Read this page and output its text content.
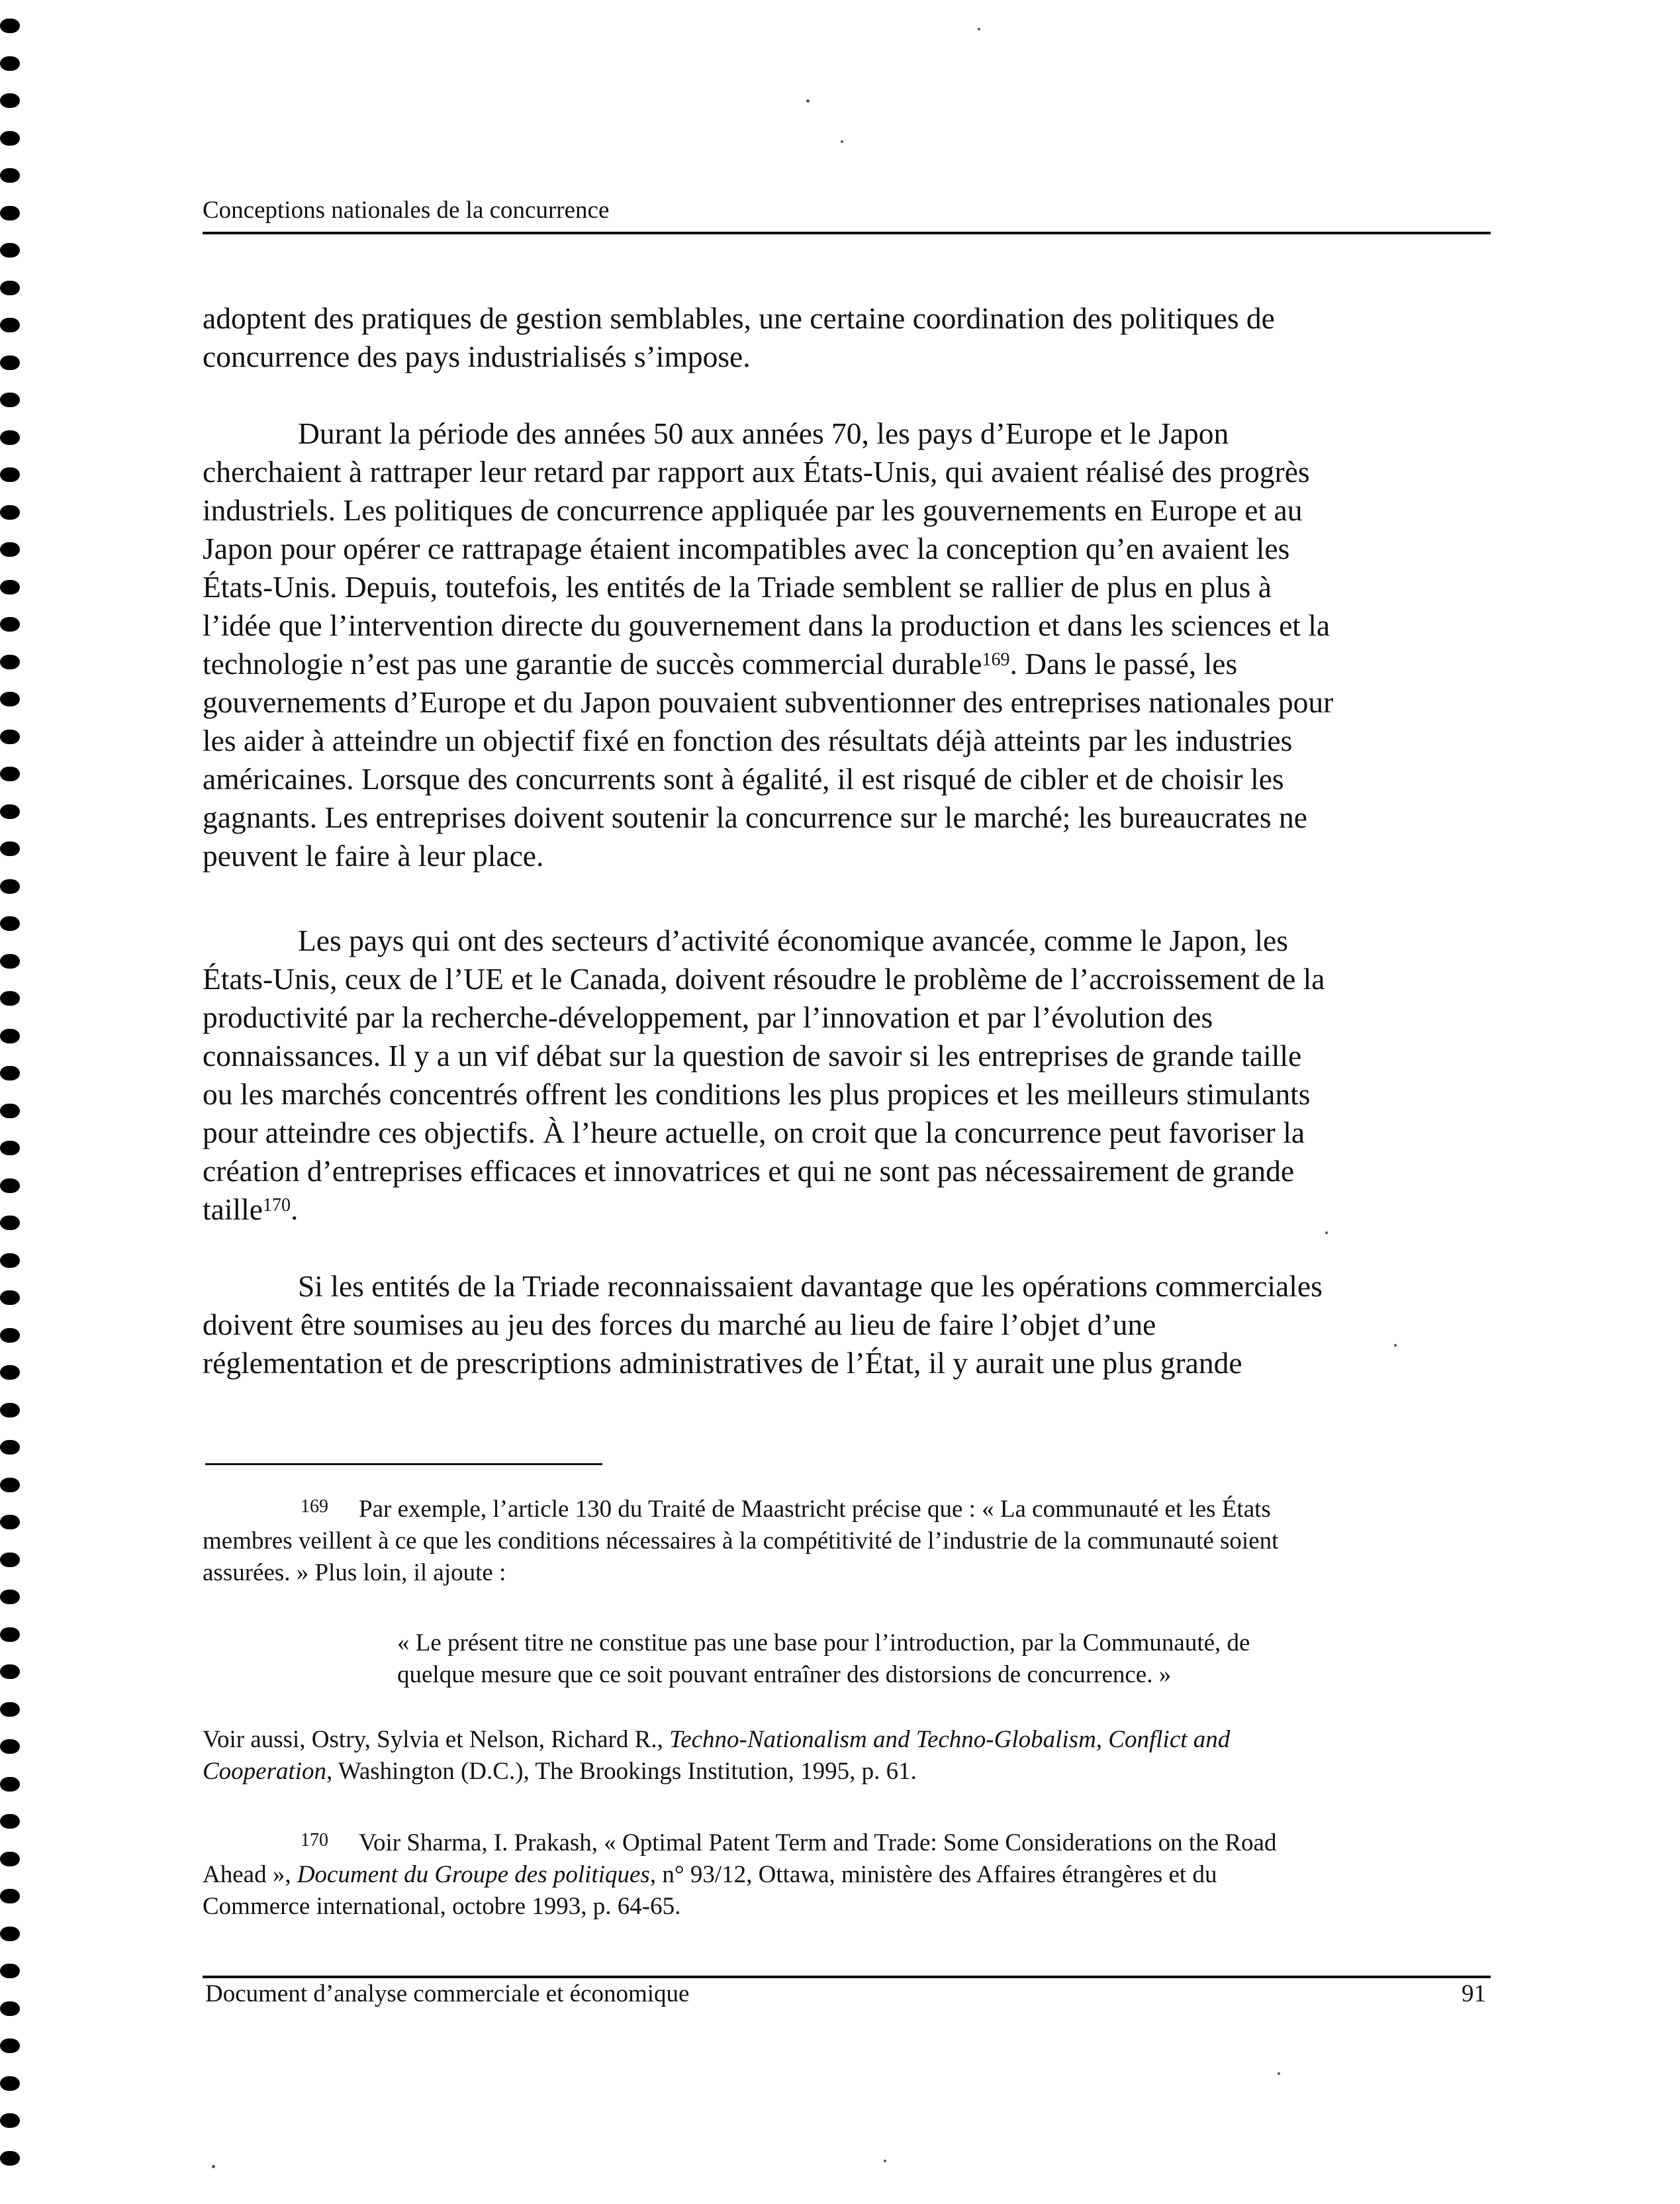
Conceptions nationales de la concurrence
adoptent des pratiques de gestion semblables, une certaine coordination des politiques de
concurrence des pays industrialisés s’impose.
Durant la période des années 50 aux années 70, les pays d’Europe et le Japon
cherchaient à rattraper leur retard par rapport aux États-Unis, qui avaient réalisé des progrès
industriels. Les politiques de concurrence appliquée par les gouvernements en Europe et au
Japon pour opérer ce rattrapage étaient incompatibles avec la conception qu’en avaient les
États-Unis. Depuis, toutefois, les entités de la Triade semblent se rallier de plus en plus à
l’idée que l’intervention directe du gouvernement dans la production et dans les sciences et la
technologie n’est pas une garantie de succès commercial durable$^{169}$. Dans le passé, les
gouvernements d’Europe et du Japon pouvaient subventionner des entreprises nationales pour
les aider à atteindre un objectif fixé en fonction des résultats déjà atteints par les industries
américaines. Lorsque des concurrents sont à égalité, il est risqué de cibler et de choisir les
gagnants. Les entreprises doivent soutenir la concurrence sur le marché; les bureaucrates ne
peuvent le faire à leur place.
Les pays qui ont des secteurs d’activité économique avancée, comme le Japon, les
États-Unis, ceux de l’UE et le Canada, doivent résoudre le problème de l’accroissement de la
productivité par la recherche-développement, par l’innovation et par l’évolution des
connaissances. Il y a un vif débat sur la question de savoir si les entreprises de grande taille
ou les marchés concentrés offrent les conditions les plus propices et les meilleurs stimulants
pour atteindre ces objectifs. À l’heure actuelle, on croit que la concurrence peut favoriser la
création d’entreprises efficaces et innovatrices et qui ne sont pas nécessairement de grande
taille$^{170}$.
Si les entités de la Triade reconnaissaient davantage que les opérations commerciales
doivent être soumises au jeu des forces du marché au lieu de faire l’objet d’une
réglementation et de prescriptions administratives de l’État, il y aurait une plus grande
$^{169}$ Par exemple, l’article 130 du Traité de Maastricht précise que : « La communauté et les États
membres veillent à ce que les conditions nécessaires à la compétitivité de l’industrie de la communauté soient
assurées. » Plus loin, il ajoute :
« Le présent titre ne constitue pas une base pour l’introduction, par la Communauté, de
quelque mesure que ce soit pouvant entraîner des distorsions de concurrence. »
Voir aussi, Ostry, Sylvia et Nelson, Richard R., Techno-Nationalism and Techno-Globalism, Conflict and
Cooperation, Washington (D.C.), The Brookings Institution, 1995, p. 61.
$^{170}$ Voir Sharma, I. Prakash, « Optimal Patent Term and Trade: Some Considerations on the Road
Ahead », Document du Groupe des politiques, n° 93/12, Ottawa, ministère des Affaires étrangères et du
Commerce international, octobre 1993, p. 64-65.
Document d’analyse commerciale et économique	91
